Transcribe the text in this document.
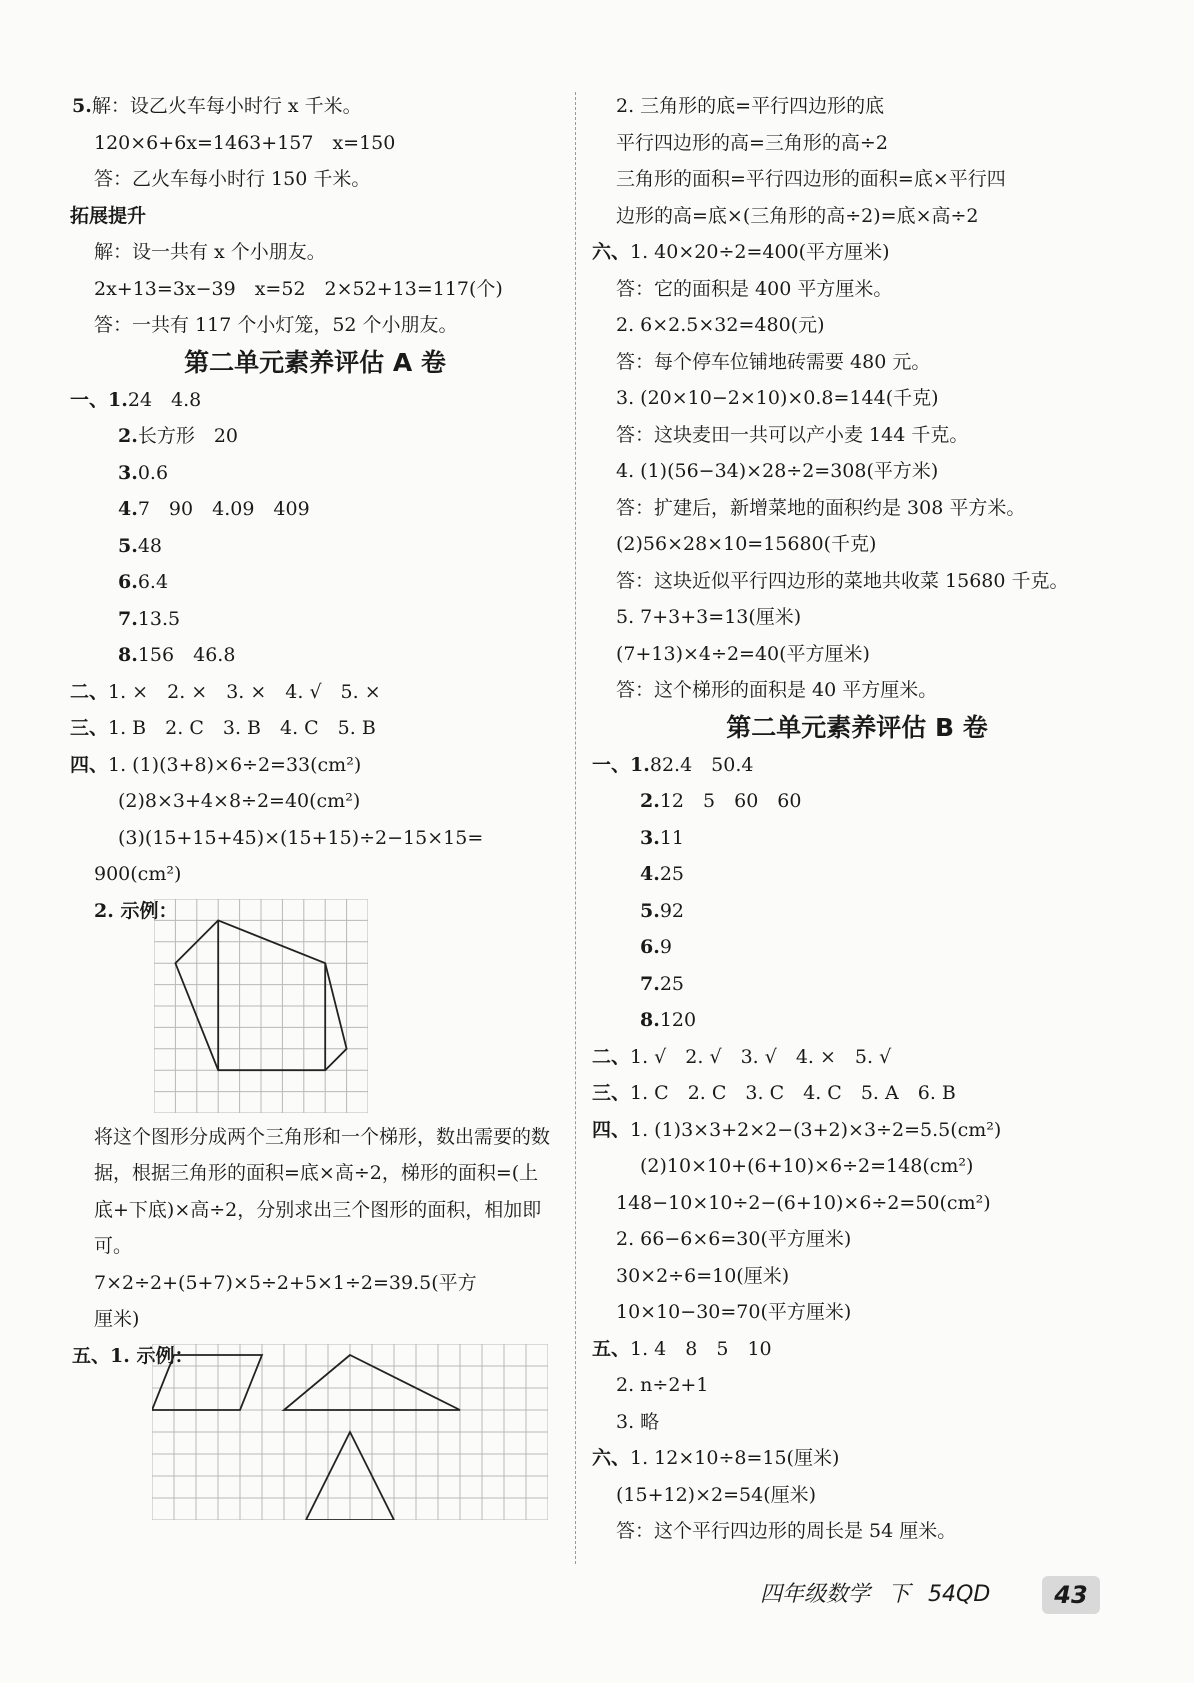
5.解：设乙火车每小时行 x 千米。
120×6+6x=1463+157　x=150
答：乙火车每小时行 150 千米。
拓展提升
解：设一共有 x 个小朋友。
2x+13=3x−39　x=52　2×52+13=117(个)
答：一共有 117 个小灯笼，52 个小朋友。
第二单元素养评估 A 卷
一、1.24　4.8
2.长方形　20
3.0.6
4.7　90　4.09　409
5.48
6.6.4
7.13.5
8.156　46.8
二、1. ×　2. ×　3. ×　4. √　5. ×
三、1. B　2. C　3. B　4. C　5. B
四、1. (1)(3+8)×6÷2=33(cm²)
(2)8×3+4×8÷2=40(cm²)
(3)(15+15+45)×(15+15)÷2−15×15=
900(cm²)
2. 示例：
将这个图形分成两个三角形和一个梯形，数出需要的数据，根据三角形的面积=底×高÷2，梯形的面积=(上底+下底)×高÷2，分别求出三个图形的面积，相加即可。
7×2÷2+(5+7)×5÷2+5×1÷2=39.5(平方
厘米)
五、1. 示例：
2. 三角形的底=平行四边形的底
平行四边形的高=三角形的高÷2
三角形的面积=平行四边形的面积=底×平行四
边形的高=底×(三角形的高÷2)=底×高÷2
六、1. 40×20÷2=400(平方厘米)
答：它的面积是 400 平方厘米。
2. 6×2.5×32=480(元)
答：每个停车位铺地砖需要 480 元。
3. (20×10−2×10)×0.8=144(千克)
答：这块麦田一共可以产小麦 144 千克。
4. (1)(56−34)×28÷2=308(平方米)
答：扩建后，新增菜地的面积约是 308 平方米。
(2)56×28×10=15680(千克)
答：这块近似平行四边形的菜地共收菜 15680 千克。
5. 7+3+3=13(厘米)
(7+13)×4÷2=40(平方厘米)
答：这个梯形的面积是 40 平方厘米。
第二单元素养评估 B 卷
一、1.82.4　50.4
2.12　5　60　60
3.11
4.25
5.92
6.9
7.25
8.120
二、1. √　2. √　3. √　4. ×　5. √
三、1. C　2. C　3. C　4. C　5. A　6. B
四、1. (1)3×3+2×2−(3+2)×3÷2=5.5(cm²)
(2)10×10+(6+10)×6÷2=148(cm²)
148−10×10÷2−(6+10)×6÷2=50(cm²)
2. 66−6×6=30(平方厘米)
30×2÷6=10(厘米)
10×10−30=70(平方厘米)
五、1. 4　8　5　10
2. n÷2+1
3. 略
六、1. 12×10÷8=15(厘米)
(15+12)×2=54(厘米)
答：这个平行四边形的周长是 54 厘米。
四年级数学 下 54QD	43
